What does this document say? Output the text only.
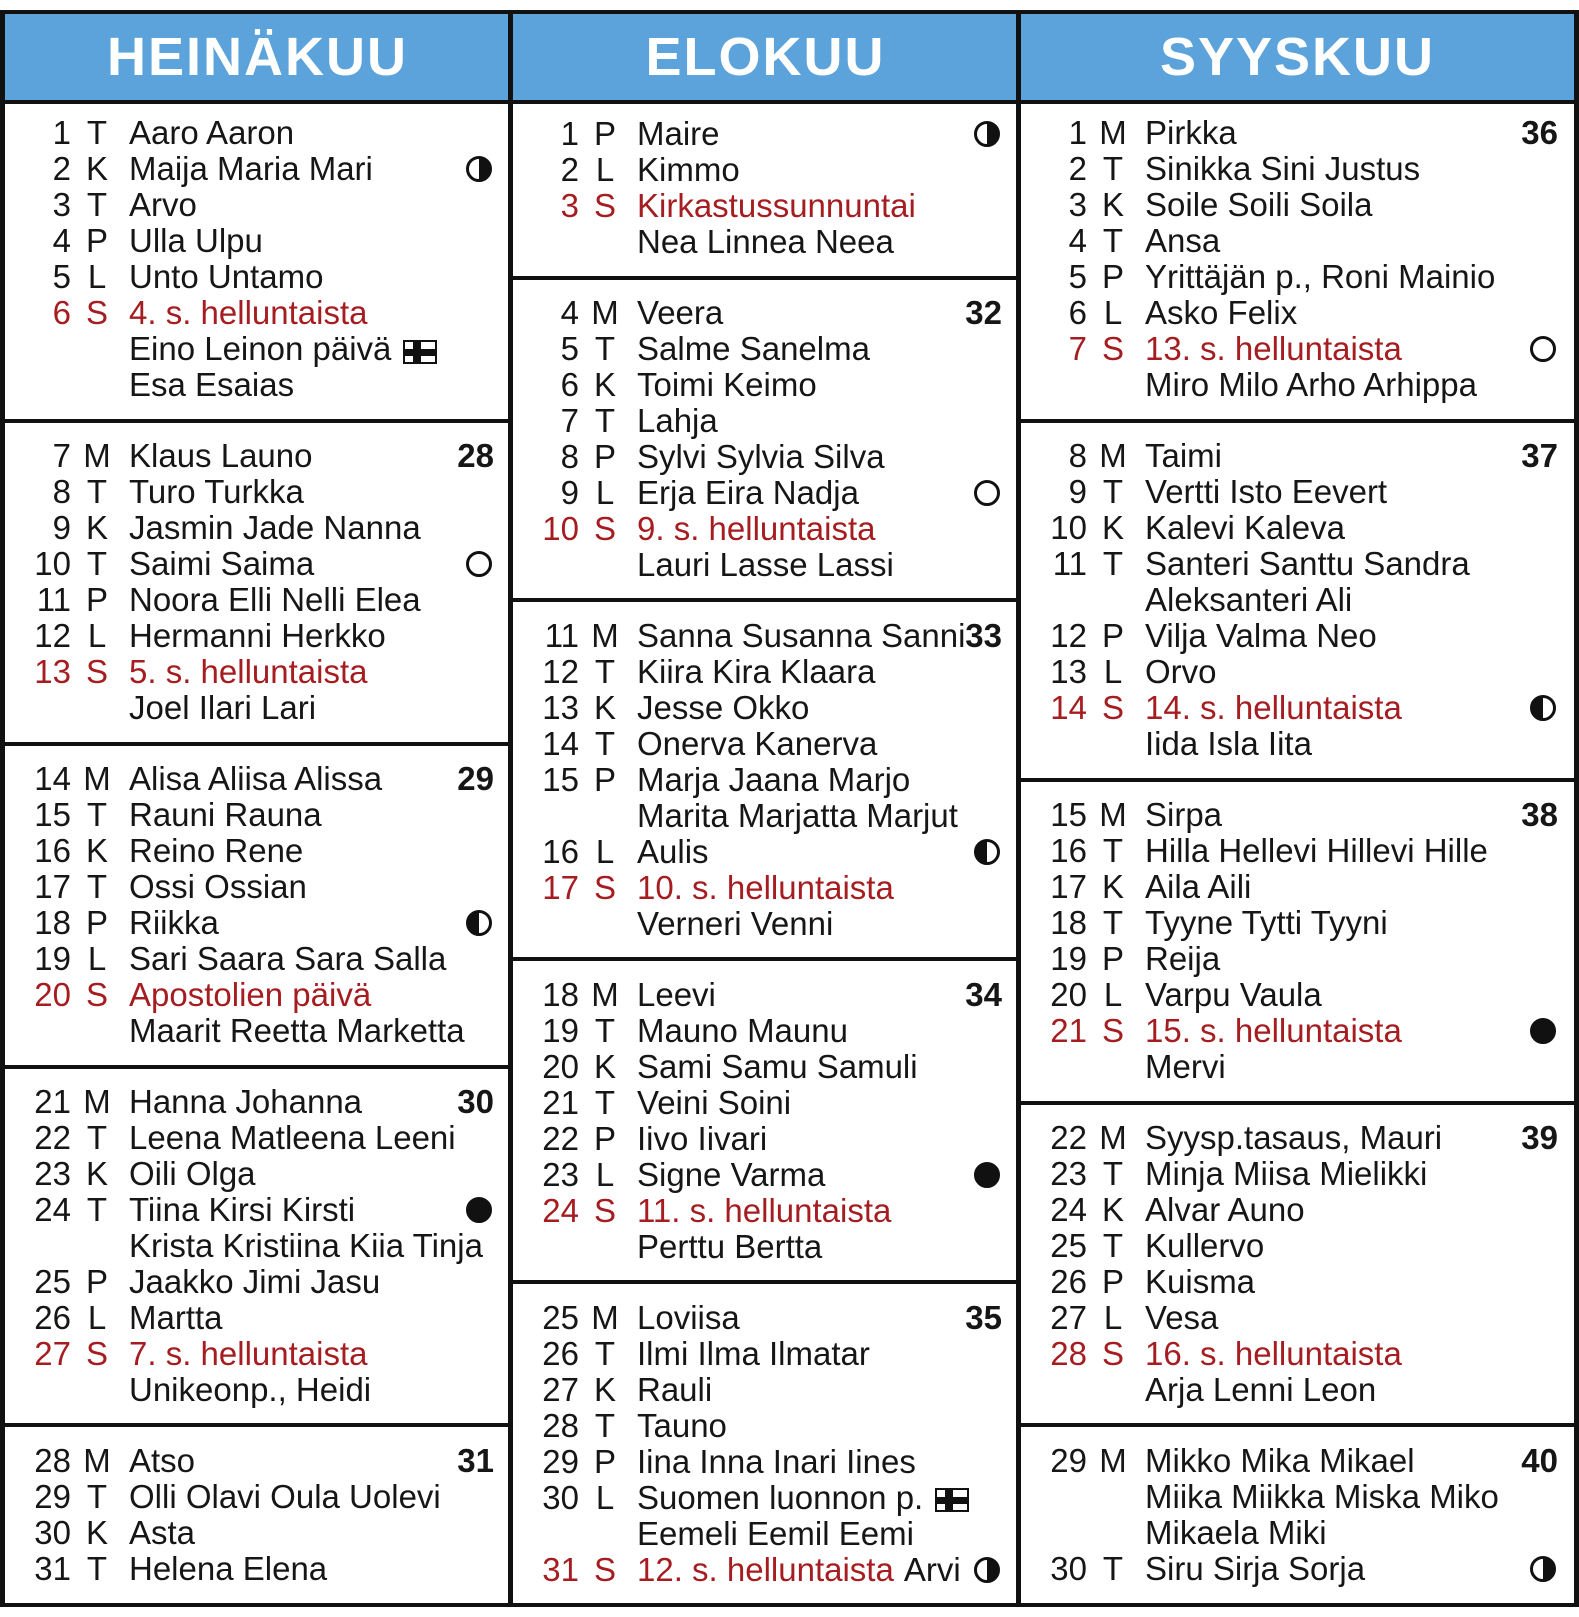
HEINÄKUU
1 T Aaro Aaron
2 K Maija Maria Mari
3 T Arvo
4 P Ulla Ulpu
5 L Unto Untamo
6 S 4. s. helluntaista
Eino Leinon päivä
Esa Esaias
7 M Klaus Launo	28
8 T Turo Turkka
9 K Jasmin Jade Nanna
10 T Saimi Saima
11 P Noora Elli Nelli Elea
12 L Hermanni Herkko
13 S 5. s. helluntaista
Joel Ilari Lari
14 M Alisa Aliisa Alissa	29
15 T Rauni Rauna
16 K Reino Rene
17 T Ossi Ossian
18 P Riikka
19 L Sari Saara Sara Salla
20 S Apostolien päivä
Maarit Reetta Marketta
21 M Hanna Johanna	30
22 T Leena Matleena Leeni
23 K Oili Olga
24 T Tiina Kirsi Kirsti
Krista Kristiina Kiia Tinja
25 P Jaakko Jimi Jasu
26 L Martta
27 S 7. s. helluntaista
Unikeonp., Heidi
28 M Atso	31
29 T Olli Olavi Oula Uolevi
30 K Asta
31 T Helena Elena
ELOKUU
1 P Maire
2 L Kimmo
3 S Kirkastussunnuntai
Nea Linnea Neea
4 M Veera	32
5 T Salme Sanelma
6 K Toimi Keimo
7 T Lahja
8 P Sylvi Sylvia Silva
9 L Erja Eira Nadja
10 S 9. s. helluntaista
Lauri Lasse Lassi
11 M Sanna Susanna Sanni 33
12 T Kiira Kira Klaara
13 K Jesse Okko
14 T Onerva Kanerva
15 P Marja Jaana Marjo
Marita Marjatta Marjut
16 L Aulis
17 S 10. s. helluntaista
Verneri Venni
18 M Leevi	34
19 T Mauno Maunu
20 K Sami Samu Samuli
21 T Veini Soini
22 P Iivo Iivari
23 L Signe Varma
24 S 11. s. helluntaista
Perttu Bertta
25 M Loviisa	35
26 T Ilmi Ilma Ilmatar
27 K Rauli
28 T Tauno
29 P Iina Inna Inari Iines
30 L Suomen luonnon p.
Eemeli Eemil Eemi
31 S 12. s. helluntaista Arvi
SYYSKUU
1 M Pirkka	36
2 T Sinikka Sini Justus
3 K Soile Soili Soila
4 T Ansa
5 P Yrittäjän p., Roni Mainio
6 L Asko Felix
7 S 13. s. helluntaista
Miro Milo Arho Arhippa
8 M Taimi	37
9 T Vertti Isto Eevert
10 K Kalevi Kaleva
11 T Santeri Santtu Sandra
Aleksanteri Ali
12 P Vilja Valma Neo
13 L Orvo
14 S 14. s. helluntaista
Iida Isla Iita
15 M Sirpa	38
16 T Hilla Hellevi Hillevi Hille
17 K Aila Aili
18 T Tyyne Tytti Tyyni
19 P Reija
20 L Varpu Vaula
21 S 15. s. helluntaista
Mervi
22 M Syysp.tasaus, Mauri	39
23 T Minja Miisa Mielikki
24 K Alvar Auno
25 T Kullervo
26 P Kuisma
27 L Vesa
28 S 16. s. helluntaista
Arja Lenni Leon
29 M Mikko Mika Mikael	40
Miika Miikka Miska Miko
Mikaela Miki
30 T Siru Sirja Sorja
